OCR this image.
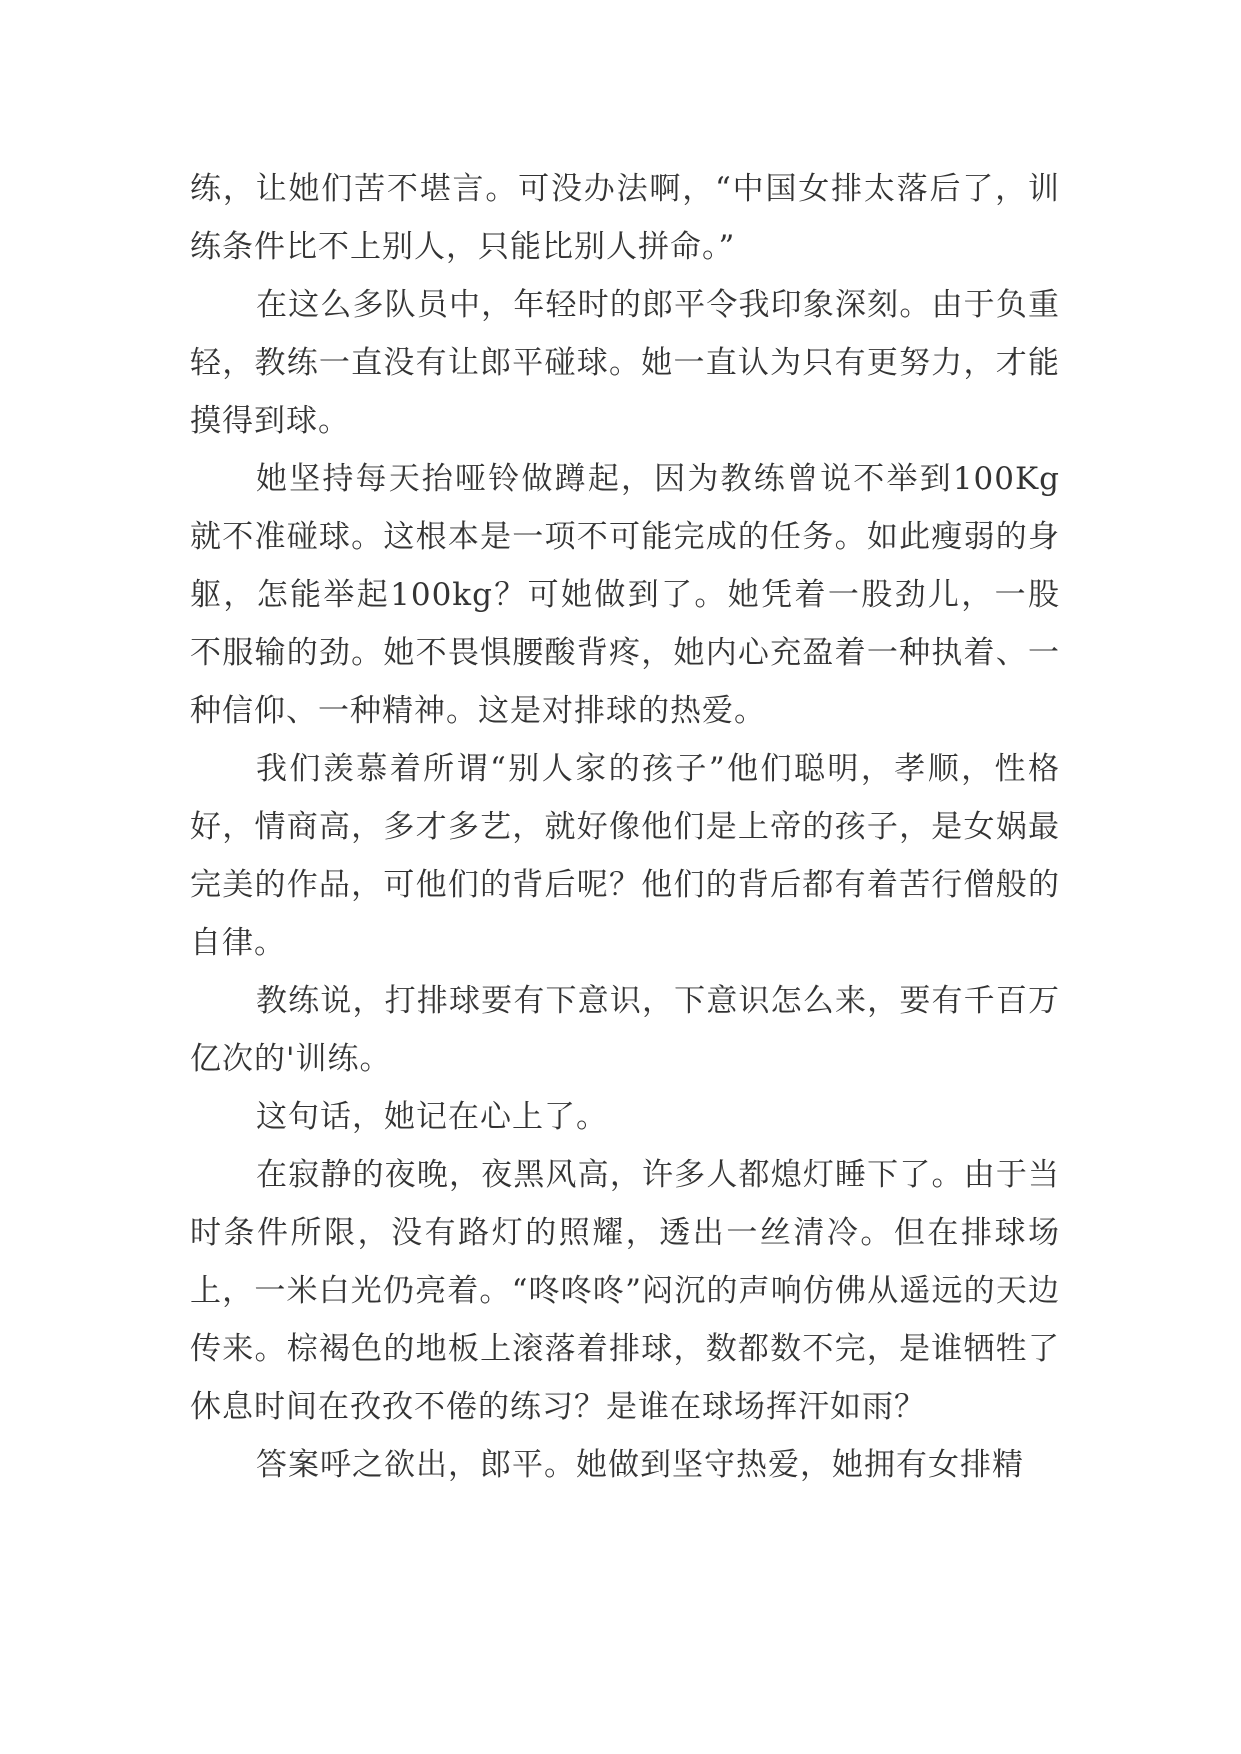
练，让她们苦不堪言。可没办法啊，“中国女排太落后了，训练条件比不上别人，只能比别人拼命。”

在这么多队员中，年轻时的郎平令我印象深刻。由于负重轻，教练一直没有让郎平碰球。她一直认为只有更努力，才能摸得到球。

她坚持每天抬哑铃做蹲起，因为教练曾说不举到100Kg就不准碰球。这根本是一项不可能完成的任务。如此瘦弱的身躯，怎能举起100kg？可她做到了。她凭着一股劲儿，一股不服输的劲。她不畏惧腰酸背疼，她内心充盈着一种执着、一种信仰、一种精神。这是对排球的热爱。

我们羡慕着所谓“别人家的孩子”他们聪明，孝顺，性格好，情商高，多才多艺，就好像他们是上帝的孩子，是女娲最完美的作品，可他们的背后呢？他们的背后都有着苦行僧般的自律。

教练说，打排球要有下意识，下意识怎么来，要有千百万亿次的'训练。

这句话，她记在心上了。

在寂静的夜晚，夜黑风高，许多人都熄灯睡下了。由于当时条件所限，没有路灯的照耀，透出一丝清冷。但在排球场上，一米白光仍亮着。“咚咚咚”闷沉的声响仿佛从遥远的天边传来。棕褐色的地板上滚落着排球，数都数不完，是谁牺牲了休息时间在孜孜不倦的练习？是谁在球场挥汗如雨？

答案呼之欲出，郎平。她做到坚守热爱，她拥有女排精
